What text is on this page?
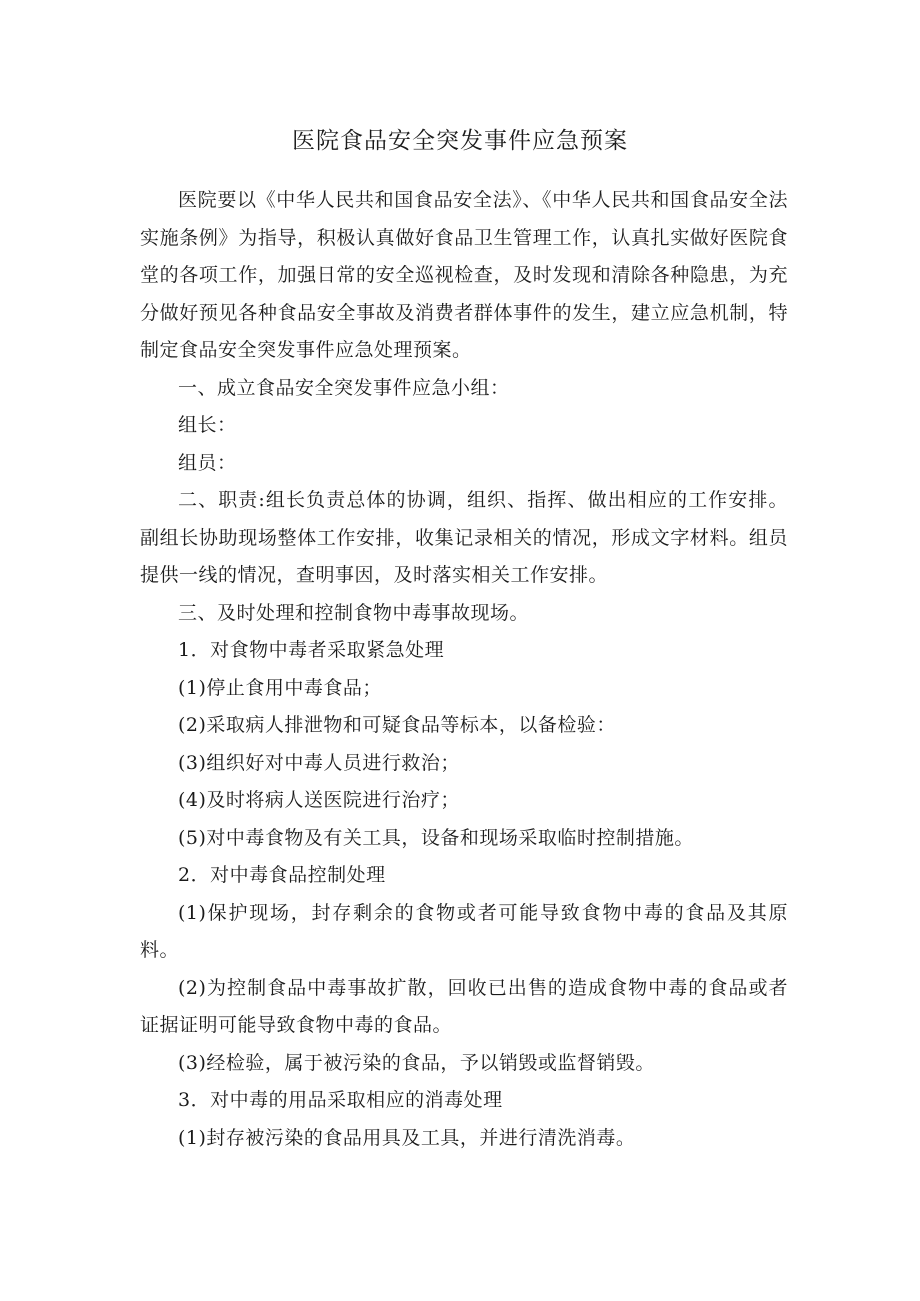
医院食品安全突发事件应急预案

医院要以《中华人民共和国食品安全法》、《中华人民共和国食品安全法实施条例》为指导，积极认真做好食品卫生管理工作，认真扎实做好医院食堂的各项工作，加强日常的安全巡视检查，及时发现和清除各种隐患，为充分做好预见各种食品安全事故及消费者群体事件的发生，建立应急机制，特制定食品安全突发事件应急处理预案。

一、成立食品安全突发事件应急小组：

组长：

组员：

二、职责:组长负责总体的协调，组织、指挥、做出相应的工作安排。副组长协助现场整体工作安排，收集记录相关的情况，形成文字材料。组员提供一线的情况，查明事因，及时落实相关工作安排。

三、及时处理和控制食物中毒事故现场。

1．对食物中毒者采取紧急处理

(1)停止食用中毒食品；

(2)采取病人排泄物和可疑食品等标本，以备检验：

(3)组织好对中毒人员进行救治；

(4)及时将病人送医院进行治疗；

(5)对中毒食物及有关工具，设备和现场采取临时控制措施。

2．对中毒食品控制处理

(1)保护现场，封存剩余的食物或者可能导致食物中毒的食品及其原料。

(2)为控制食品中毒事故扩散，回收已出售的造成食物中毒的食品或者证据证明可能导致食物中毒的食品。

(3)经检验，属于被污染的食品，予以销毁或监督销毁。

3．对中毒的用品采取相应的消毒处理

(1)封存被污染的食品用具及工具，并进行清洗消毒。
